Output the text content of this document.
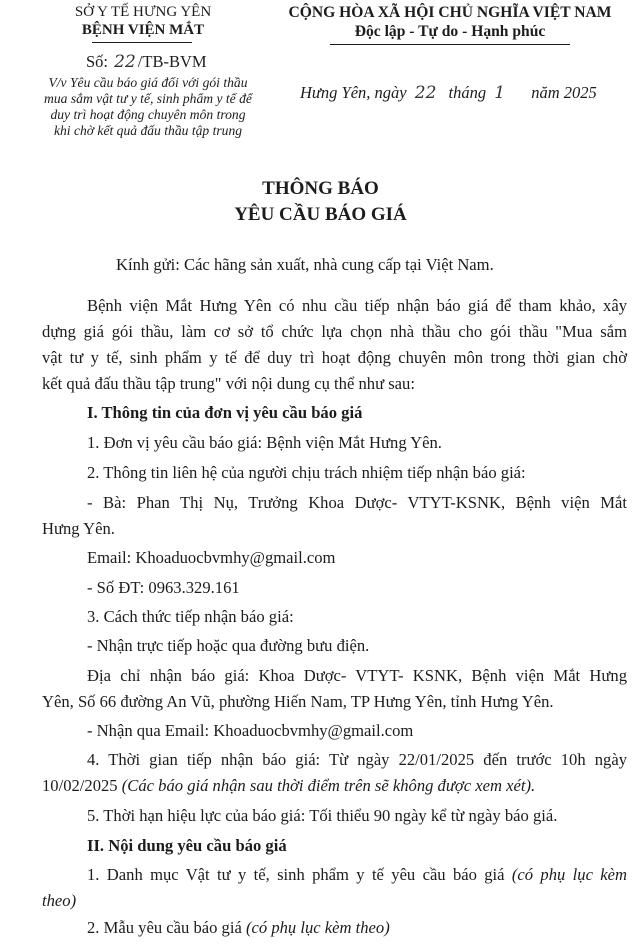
SỞ Y TẾ HƯNG YÊN
BỆNH VIỆN MẮT
Số: 22 /TB-BVM
V/v Yêu cầu báo giá đối với gói thầu
mua sắm vật tư y tế, sinh phẩm y tế để
duy trì hoạt động chuyên môn trong
khi chờ kết quả đấu thầu tập trung
CỘNG HÒA XÃ HỘI CHỦ NGHĨA VIỆT NAM
Độc lập - Tự do - Hạnh phúc
Hưng Yên, ngày 22 tháng 1 năm 2025
THÔNG BÁO
YÊU CẦU BÁO GIÁ
Kính gửi: Các hãng sản xuất, nhà cung cấp tại Việt Nam.
Bệnh viện Mắt Hưng Yên có nhu cầu tiếp nhận báo giá để tham khảo, xây
dựng giá gói thầu, làm cơ sở tổ chức lựa chọn nhà thầu cho gói thầu "Mua sắm
vật tư y tế, sinh phẩm y tế để duy trì hoạt động chuyên môn trong thời gian chờ
kết quả đấu thầu tập trung" với nội dung cụ thể như sau:
I. Thông tin của đơn vị yêu cầu báo giá
1. Đơn vị yêu cầu báo giá: Bệnh viện Mắt Hưng Yên.
2. Thông tin liên hệ của người chịu trách nhiệm tiếp nhận báo giá:
- Bà: Phan Thị Nụ, Trưởng Khoa Dược- VTYT-KSNK, Bệnh viện Mắt
Hưng Yên.
Email: Khoaduocbvmhy@gmail.com
- Số ĐT: 0963.329.161
3. Cách thức tiếp nhận báo giá:
- Nhận trực tiếp hoặc qua đường bưu điện.
Địa chỉ nhận báo giá: Khoa Dược- VTYT- KSNK, Bệnh viện Mắt Hưng
Yên, Số 66 đường An Vũ, phường Hiến Nam, TP Hưng Yên, tỉnh Hưng Yên.
- Nhận qua Email: Khoaduocbvmhy@gmail.com
4. Thời gian tiếp nhận báo giá: Từ ngày 22/01/2025 đến trước 10h ngày
10/02/2025 (Các báo giá nhận sau thời điểm trên sẽ không được xem xét).
5. Thời hạn hiệu lực của báo giá: Tối thiểu 90 ngày kể từ ngày báo giá.
II. Nội dung yêu cầu báo giá
1. Danh mục Vật tư y tế, sinh phẩm y tế yêu cầu báo giá (có phụ lục kèm
theo)
2. Mẫu yêu cầu báo giá (có phụ lục kèm theo)
